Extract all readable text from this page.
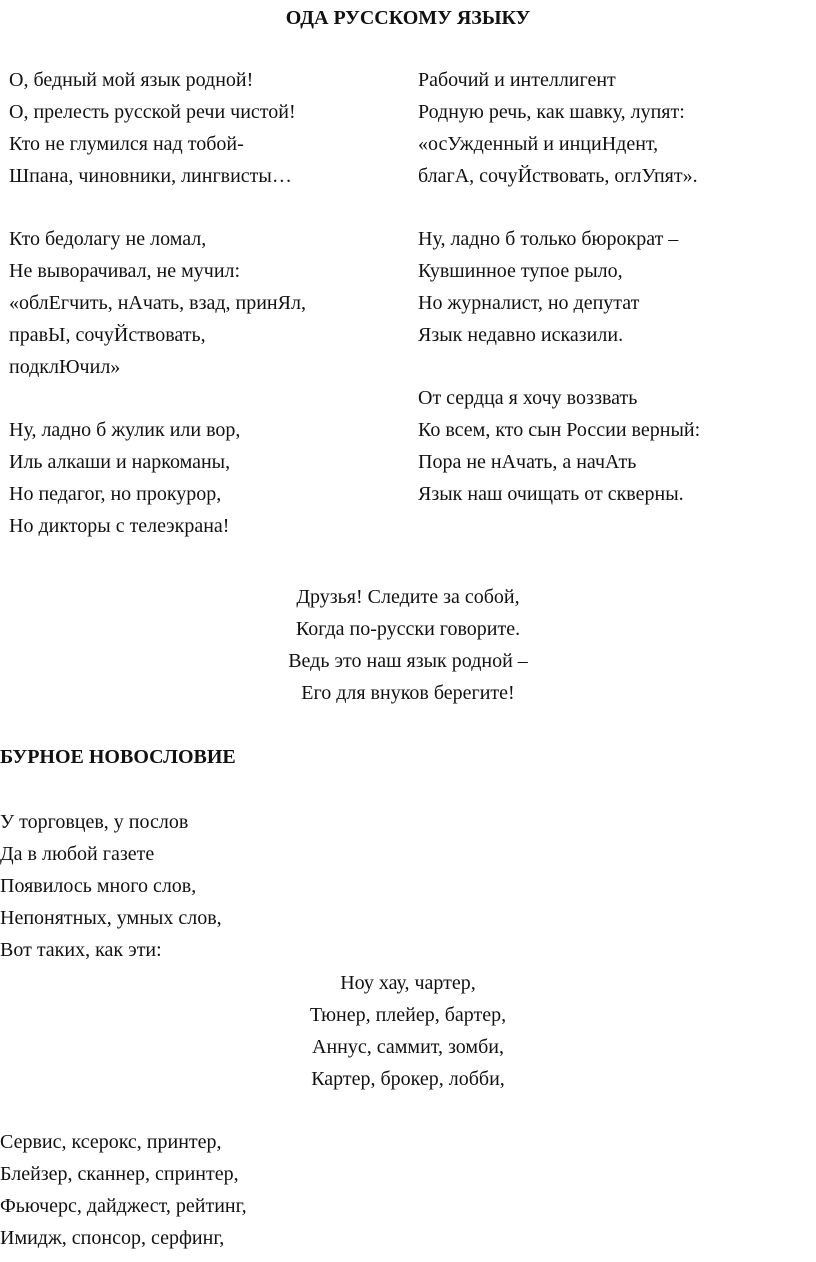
ОДА РУССКОМУ ЯЗЫКУ
О, бедный мой язык родной!
О, прелесть русской речи чистой!
Кто не глумился над тобой-
Шпана, чиновники, лингвисты…
Кто бедолагу не ломал,
Не выворачивал, не мучил:
«облЕгчить, нАчать, взад, принЯл,
правЫ, сочуЙствовать,
подклЮчил»
Ну, ладно б жулик или вор,
Иль алкаши и наркоманы,
Но педагог, но прокурор,
Но дикторы с телеэкрана!
Рабочий и интеллигент
Родную речь, как шавку, лупят:
«осУжденный и инциНдент,
благА, сочуЙствовать, оглУпят».
Ну, ладно б только бюрократ –
Кувшинное тупое рыло,
Но журналист, но депутат
Язык недавно исказили.
От сердца я хочу воззвать
Ко всем, кто сын России верный:
Пора не нАчать, а начАть
Язык наш очищать от скверны.
Друзья! Следите за собой,
Когда по-русски говорите.
Ведь это наш язык родной –
Его для внуков берегите!
БУРНОЕ НОВОСЛОВИЕ
У торговцев, у послов
Да в любой газете
Появилось много слов,
Непонятных, умных слов,
Вот таких, как эти:
Ноу хау, чартер,
Тюнер, плейер, бартер,
Аннус, саммит, зомби,
Картер, брокер, лобби,
Сервис, ксерокс, принтер,
Блейзер, сканнер, спринтер,
Фьючерс, дайджест, рейтинг,
Имидж, спонсор, серфинг,
